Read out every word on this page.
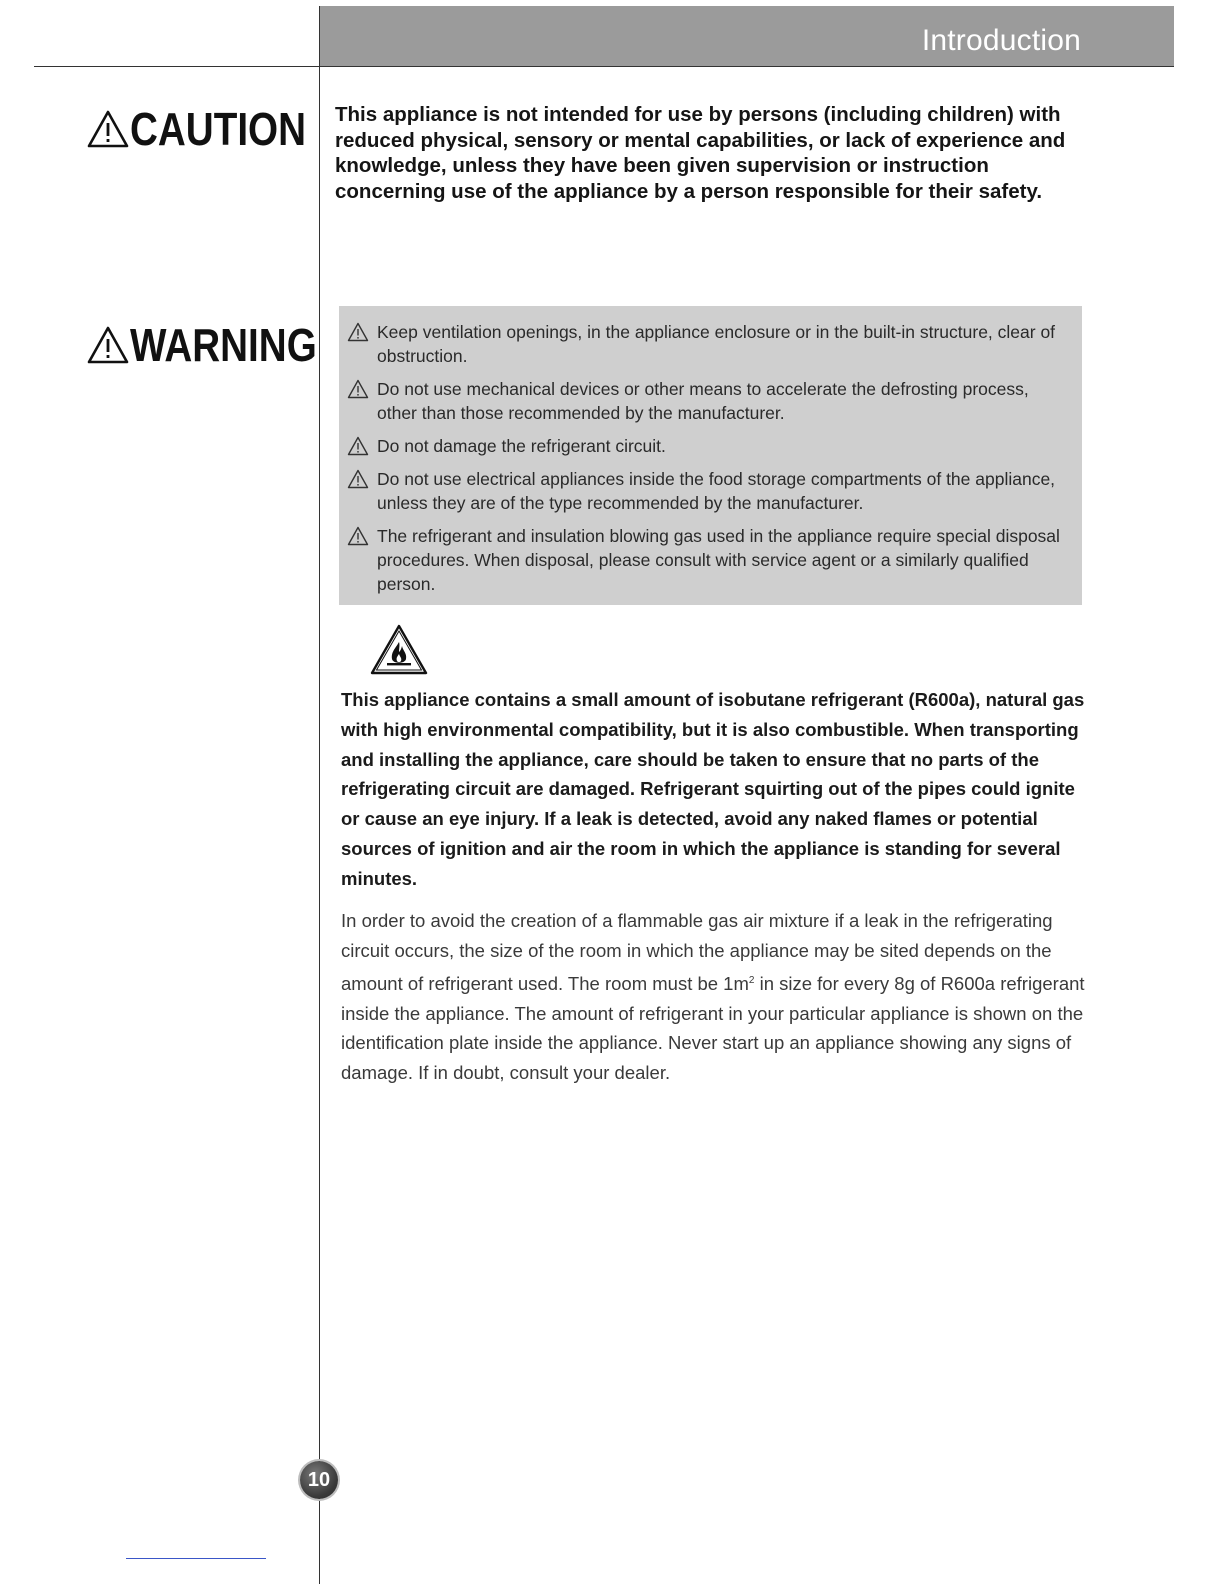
Introduction
CAUTION This appliance is not intended for use by persons (including children) with reduced physical, sensory or mental capabilities, or lack of experience and knowledge, unless they have been given supervision or instruction concerning use of the appliance by a person responsible for their safety.
WARNING	Keep ventilation openings, in the appliance enclosure or in the built-in structure, clear of obstruction.
Do not use mechanical devices or other means to accelerate the defrosting process, other than those recommended by the manufacturer.
Do not damage the refrigerant circuit.
Do not use electrical appliances inside the food storage compartments of the appliance, unless they are of the type recommended by the manufacturer.
The refrigerant and insulation blowing gas used in the appliance require special disposal procedures. When disposal, please consult with service agent or a similarly qualified person.
This appliance contains a small amount of isobutane refrigerant (R600a), natural gas with high environmental compatibility, but it is also combustible. When transporting and installing the appliance, care should be taken to ensure that no parts of the refrigerating circuit are damaged. Refrigerant squirting out of the pipes could ignite or cause an eye injury. If a leak is detected, avoid any naked flames or potential sources of ignition and air the room in which the appliance is standing for several minutes.
In order to avoid the creation of a flammable gas air mixture if a leak in the refrigerating circuit occurs, the size of the room in which the appliance may be sited depends on the amount of refrigerant used. The room must be $1m^2$ in size for every 8g of R600a refrigerant inside the appliance. The amount of refrigerant in your particular appliance is shown on the identification plate inside the appliance. Never start up an appliance showing any signs of damage. If in doubt, consult your dealer.
10
